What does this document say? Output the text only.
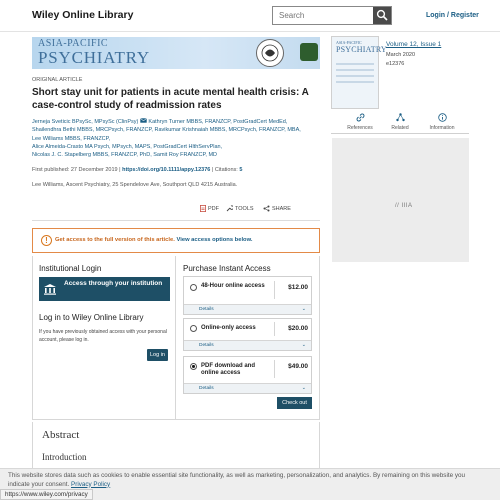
Wiley Online Library
Search	Login / Register
ASIA-PACIFIC
PSYCHIATRY
ORIGINAL ARTICLE
Short stay unit for patients in acute mental health crisis: A case-control study of readmission rates
Jerneja Sveticic BPsySc, MPsySc (ClinPsy) Kathryn Turner MBBS, FRANZCP, PostGradCert MedEd,
Shailendhra Bethi MBBS, MRCPsych, FRANZCP, Ravikumar Krishnaiah MBBS, MRCPsych, FRANZCP, MBA,
Lee Williams MBBS, FRANZCP,
Alice Almeida-Crasto MA Psych, MPsych, MAPS, PostGradCert HlthServPlan,
Nicolas J. C. Stapelberg MBBS, FRANZCP, PhD, Samit Roy FRANZCP, MD
First published: 27 December 2019 | https://doi.org/10.1111/appy.12376 | Citations: 5
Lee Williams, Ascent Psychiatry, 25 Spendelove Ave, Southport QLD 4215 Australia.
PDF	TOOLS	SHARE
!	Get access to the full version of this article. View access options below.
Institutional Login
Access through your institution
Log in to Wiley Online Library
If you have previously obtained access with your personal account, please log in.
Log in
Purchase Instant Access
48-Hour online access	$12.00
Details	⌄
Online-only access	$20.00
Details	⌄
PDF download and online access
$49.00
Details	⌄
Check out
Abstract
Introduction
ASIA-PACIFIC
PSYCHIATRY
Volume 12, Issue 1
March 2020
e12376
References	Related	Information
// IIIA
This website stores data such as cookies to enable essential site functionality, as well as marketing, personalization, and analytics. By remaining on this website you indicate your consent. Privacy Policy
https://www.wiley.com/privacy
